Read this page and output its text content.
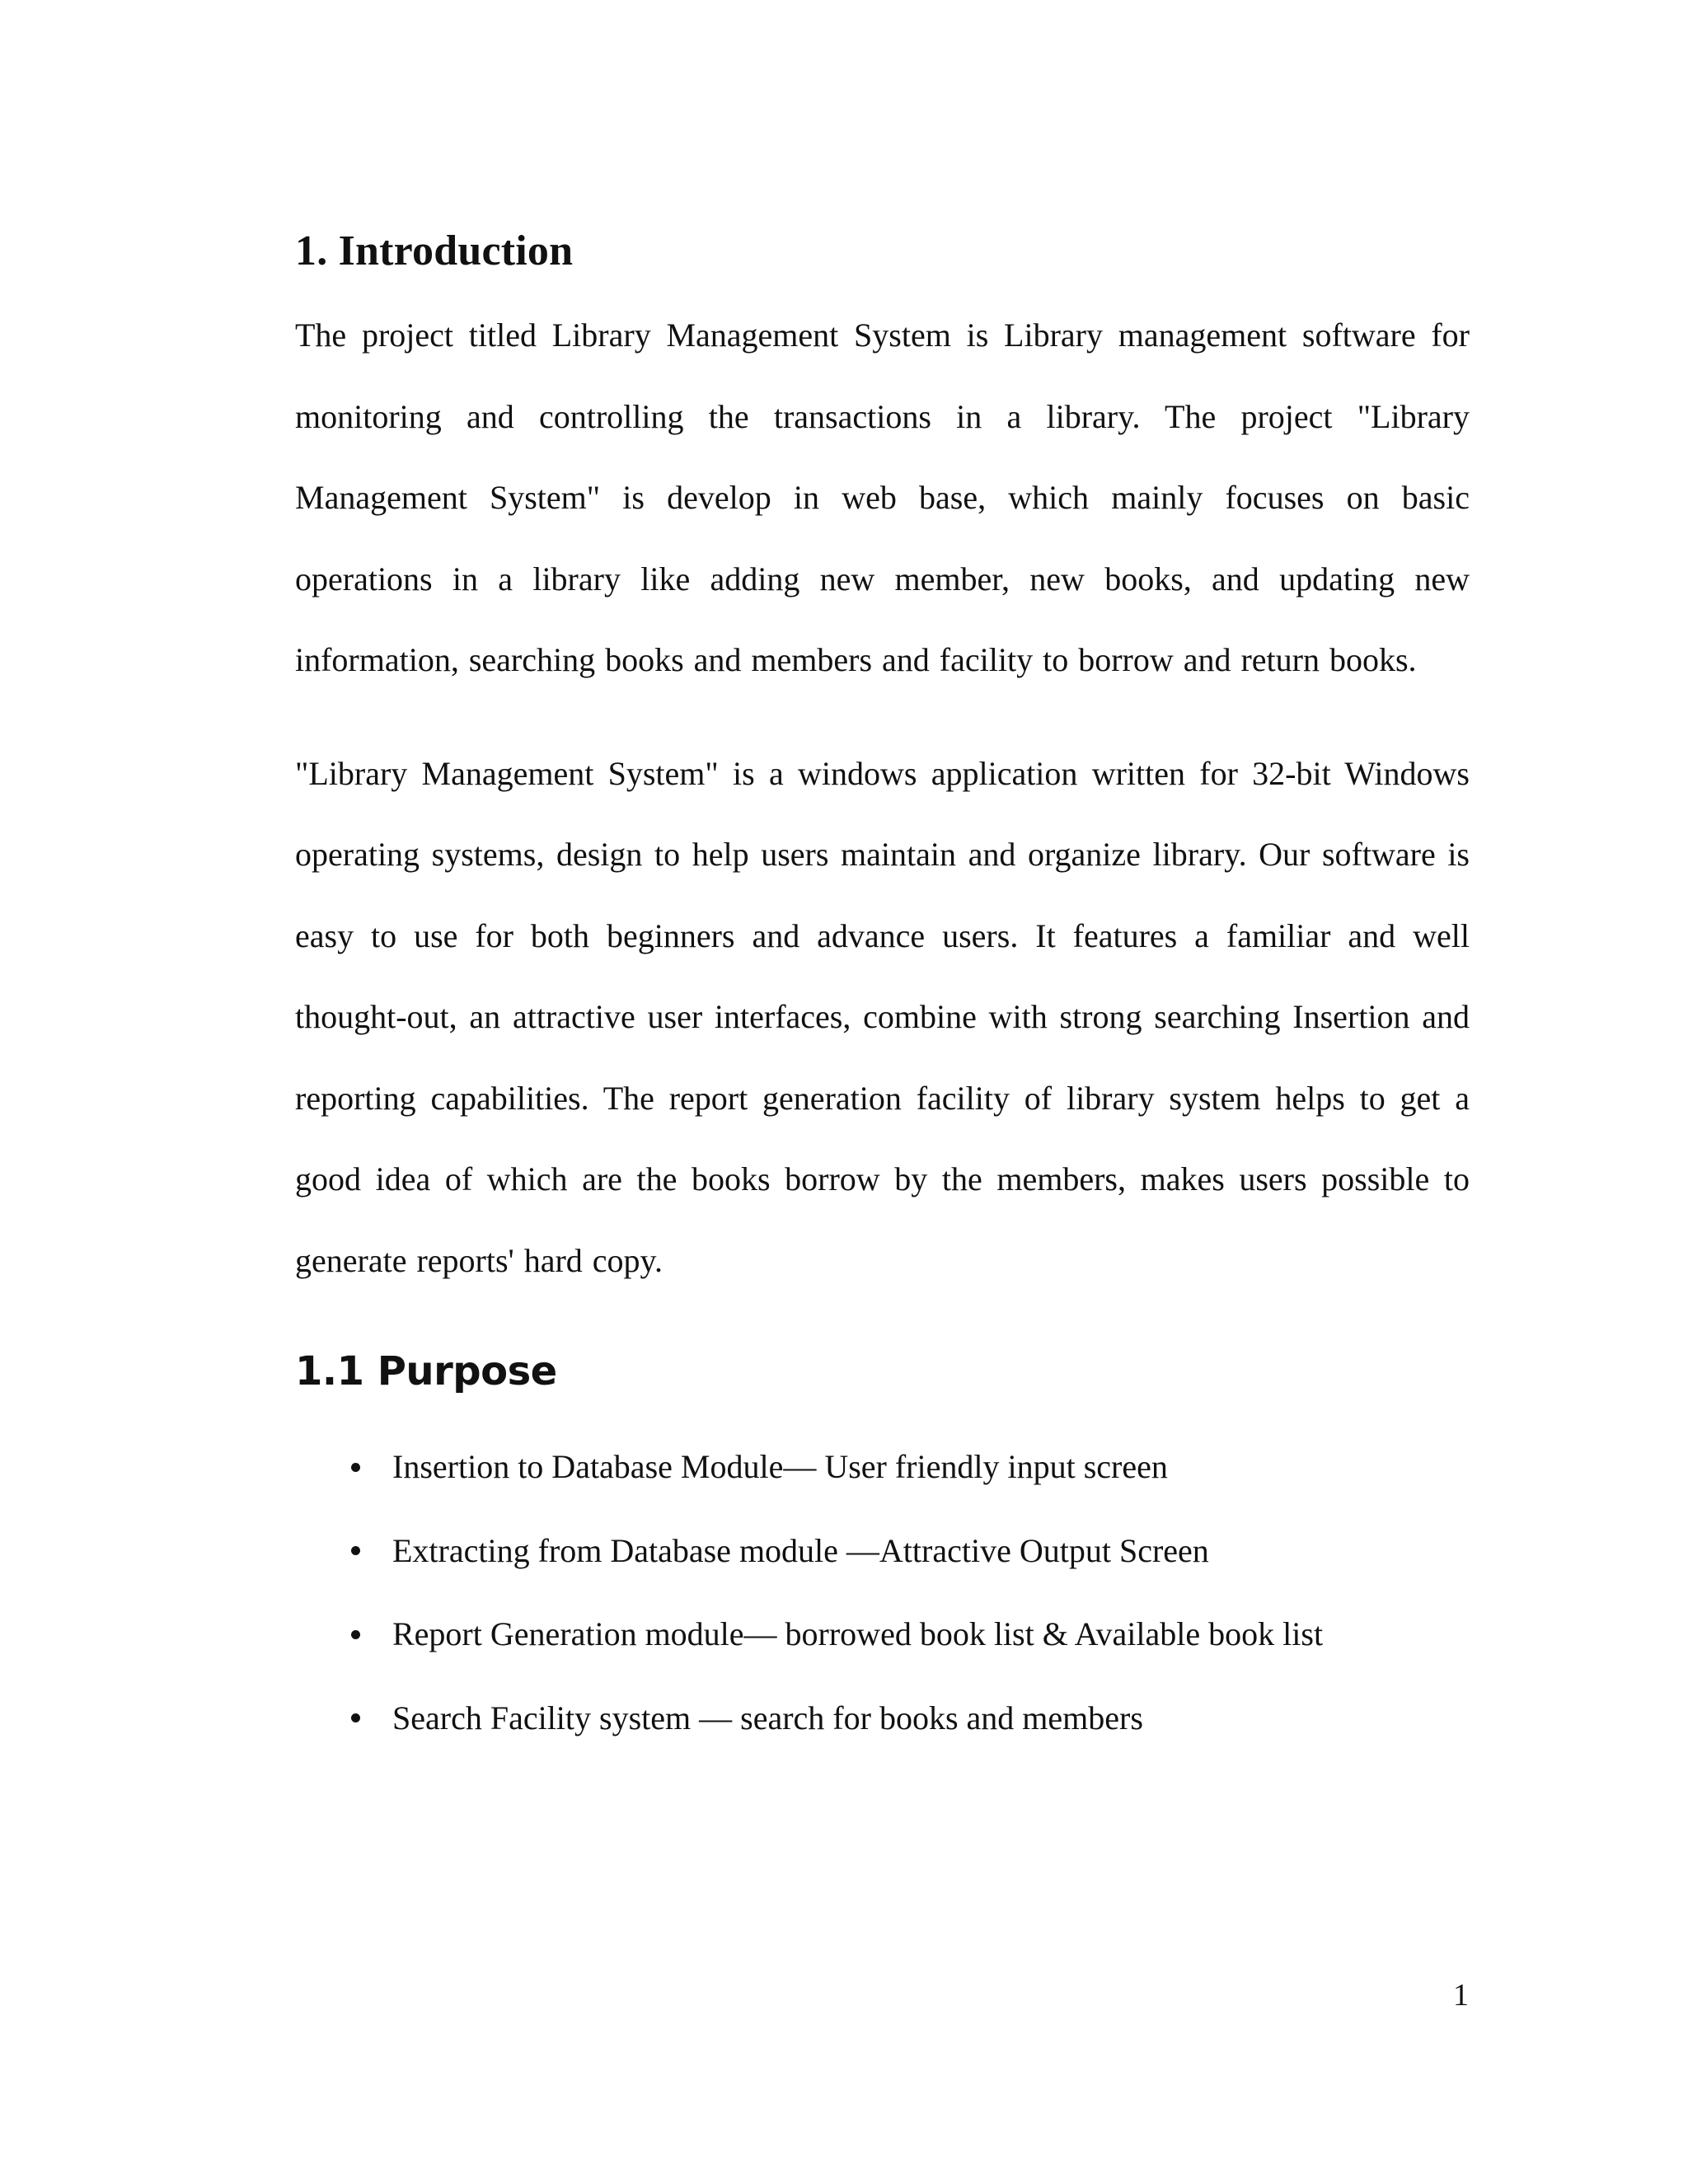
1. Introduction

The project titled Library Management System is Library management software for monitoring and controlling the transactions in a library. The project "Library Management System" is develop in web base, which mainly focuses on basic operations in a library like adding new member, new books, and updating new information, searching books and members and facility to borrow and return books.

"Library Management System" is a windows application written for 32-bit Windows operating systems, design to help users maintain and organize library. Our software is easy to use for both beginners and advance users. It features a familiar and well thought-out, an attractive user interfaces, combine with strong searching Insertion and reporting capabilities. The report generation facility of library system helps to get a good idea of which are the books borrow by the members, makes users possible to generate reports' hard copy.

1.1 Purpose
Insertion to Database Module— User friendly input screen
Extracting from Database module —Attractive Output Screen
Report Generation module— borrowed book list & Available book list
Search Facility system — search for books and members
1
